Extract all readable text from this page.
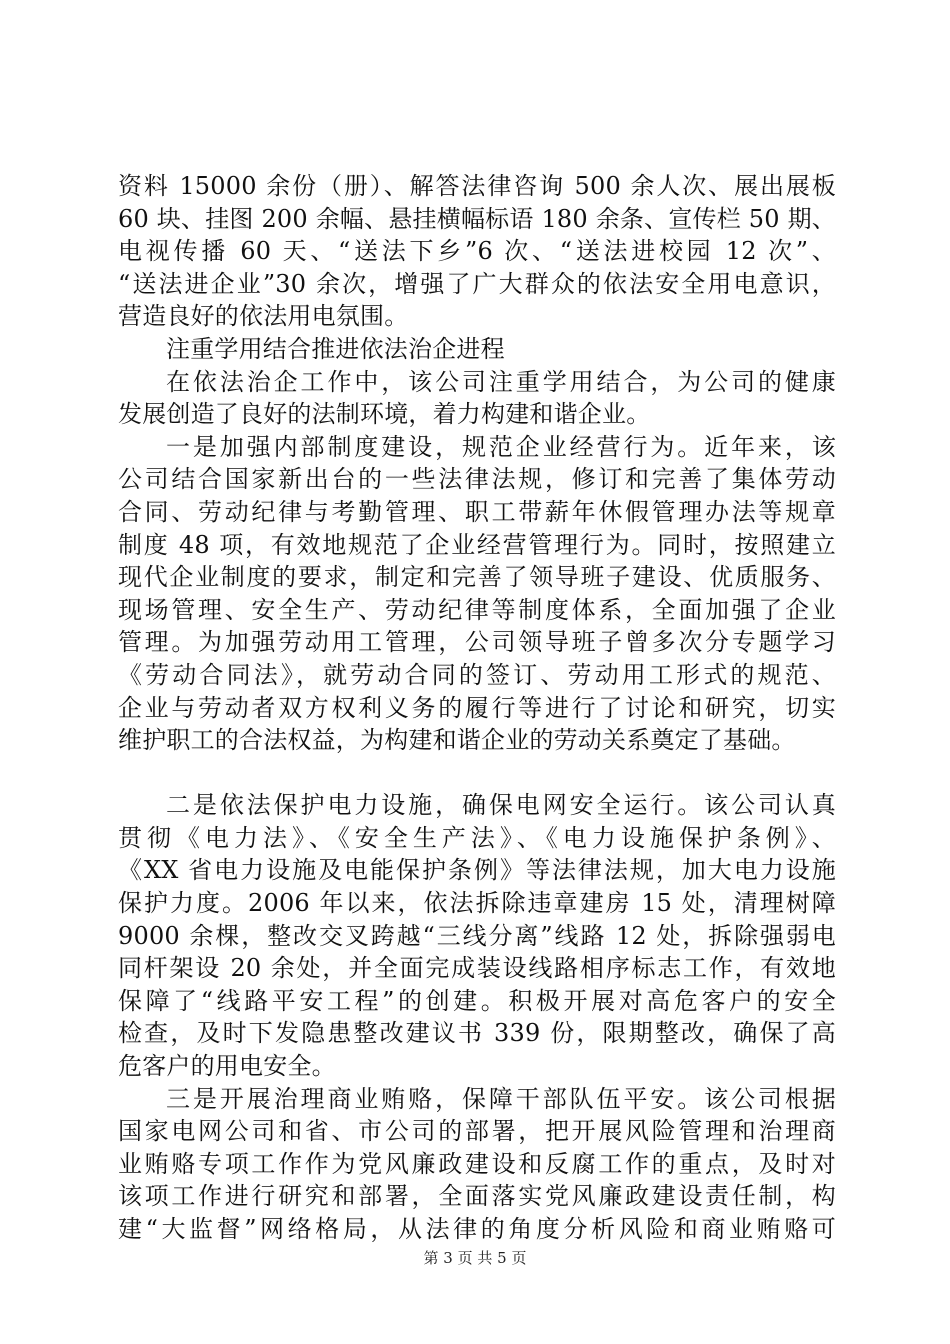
资料 15000 余份（册）、解答法律咨询 500 余人次、展出展板
60 块、挂图 200 余幅、悬挂横幅标语 180 余条、宣传栏 50 期、
电视传播 60 天、“送法下乡”6 次、“送法进校园 12 次”、
“送法进企业”30 余次，增强了广大群众的依法安全用电意识，
营造良好的依法用电氛围。
注重学用结合推进依法治企进程
在依法治企工作中，该公司注重学用结合，为公司的健康
发展创造了良好的法制环境，着力构建和谐企业。
一是加强内部制度建设，规范企业经营行为。近年来，该
公司结合国家新出台的一些法律法规，修订和完善了集体劳动
合同、劳动纪律与考勤管理、职工带薪年休假管理办法等规章
制度 48 项，有效地规范了企业经营管理行为。同时，按照建立
现代企业制度的要求，制定和完善了领导班子建设、优质服务、
现场管理、安全生产、劳动纪律等制度体系，全面加强了企业
管理。为加强劳动用工管理，公司领导班子曾多次分专题学习
《劳动合同法》，就劳动合同的签订、劳动用工形式的规范、
企业与劳动者双方权利义务的履行等进行了讨论和研究，切实
维护职工的合法权益，为构建和谐企业的劳动关系奠定了基础。
二是依法保护电力设施，确保电网安全运行。该公司认真
贯彻《电力法》、《安全生产法》、《电力设施保护条例》、
《XX 省电力设施及电能保护条例》等法律法规，加大电力设施
保护力度。2006 年以来，依法拆除违章建房 15 处，清理树障
9000 余棵，整改交叉跨越“三线分离”线路 12 处，拆除强弱电
同杆架设 20 余处，并全面完成装设线路相序标志工作，有效地
保障了“线路平安工程”的创建。积极开展对高危客户的安全
检查，及时下发隐患整改建议书 339 份，限期整改，确保了高
危客户的用电安全。
三是开展治理商业贿赂，保障干部队伍平安。该公司根据
国家电网公司和省、市公司的部署，把开展风险管理和治理商
业贿赂专项工作作为党风廉政建设和反腐工作的重点，及时对
该项工作进行研究和部署，全面落实党风廉政建设责任制，构
建“大监督”网络格局，从法律的角度分析风险和商业贿赂可
第 3 页 共 5 页
